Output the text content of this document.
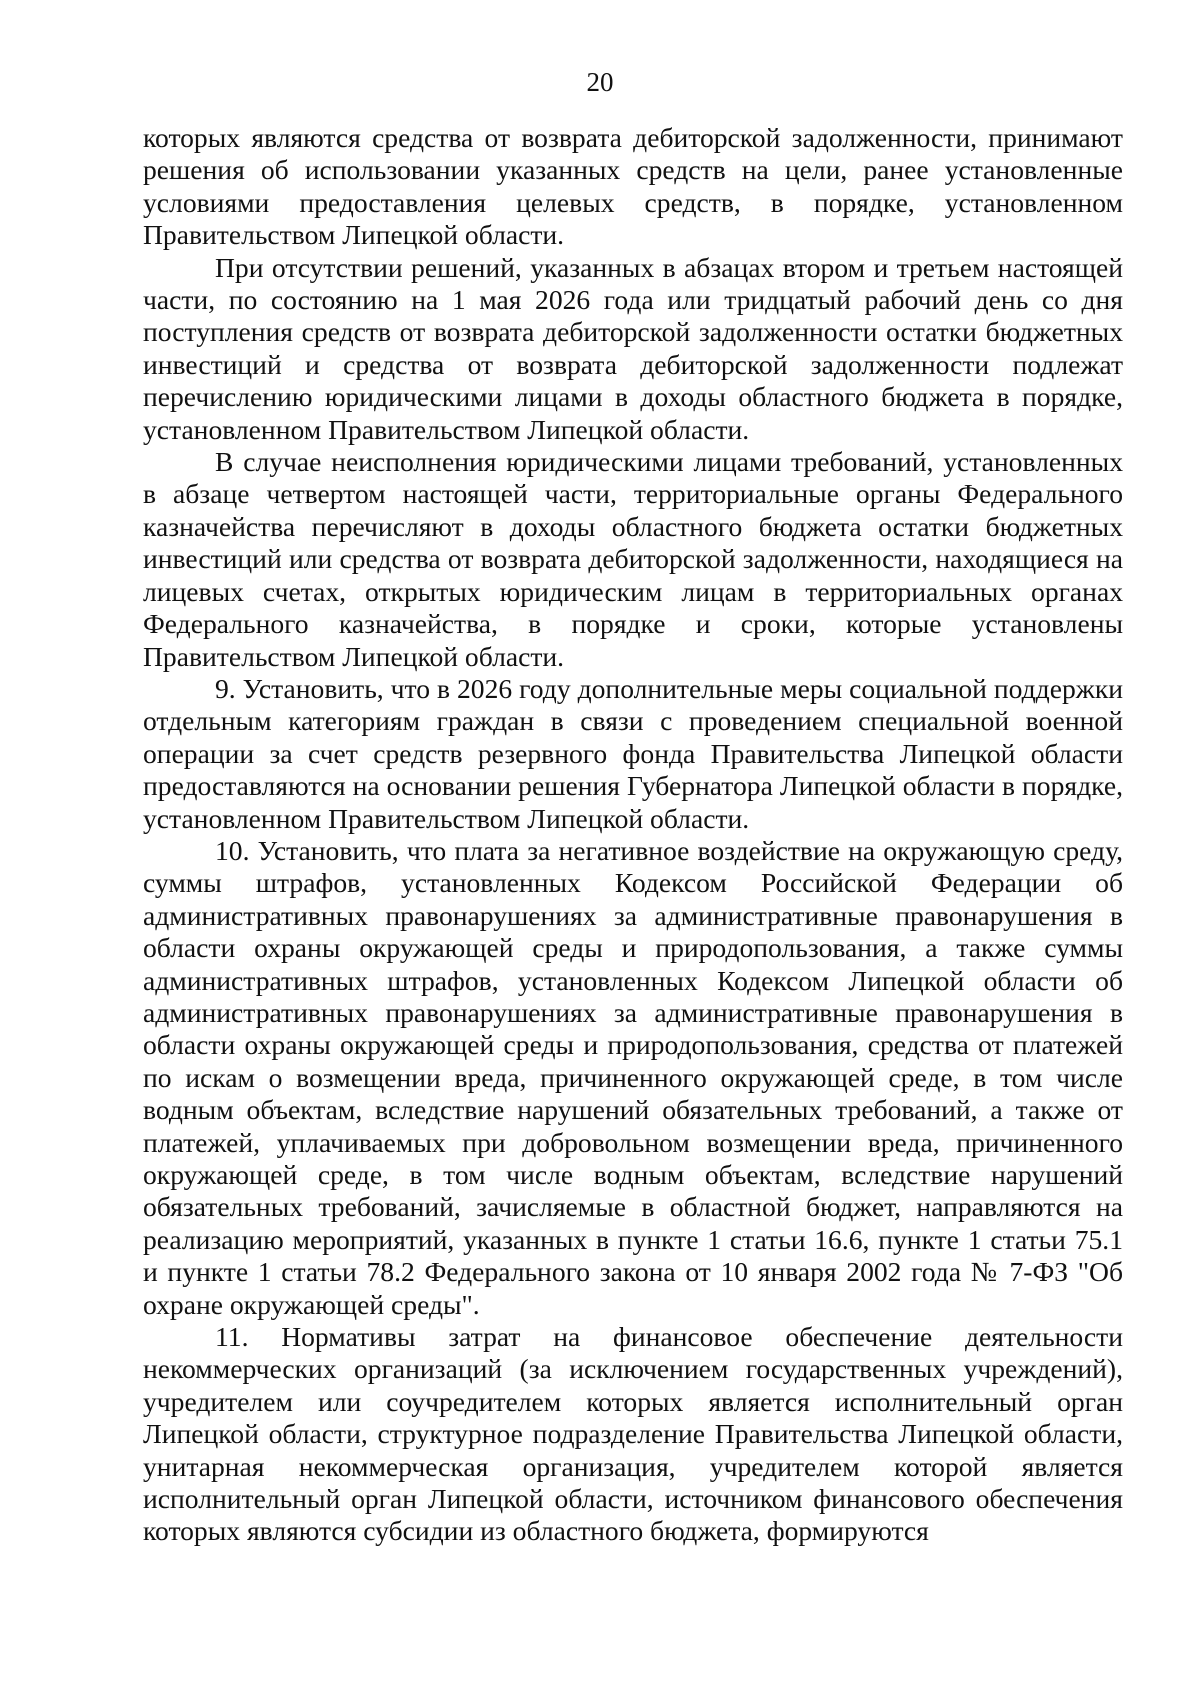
20

которых являются средства от возврата дебиторской задолженности, принимают решения об использовании указанных средств на цели, ранее установленные условиями предоставления целевых средств, в порядке, установленном Правительством Липецкой области.

При отсутствии решений, указанных в абзацах втором и третьем настоящей части, по состоянию на 1 мая 2026 года или тридцатый рабочий день со дня поступления средств от возврата дебиторской задолженности остатки бюджетных инвестиций и средства от возврата дебиторской задолженности подлежат перечислению юридическими лицами в доходы областного бюджета в порядке, установленном Правительством Липецкой области.

В случае неисполнения юридическими лицами требований, установленных в абзаце четвертом настоящей части, территориальные органы Федерального казначейства перечисляют в доходы областного бюджета остатки бюджетных инвестиций или средства от возврата дебиторской задолженности, находящиеся на лицевых счетах, открытых юридическим лицам в территориальных органах Федерального казначейства, в порядке и сроки, которые установлены Правительством Липецкой области.

9. Установить, что в 2026 году дополнительные меры социальной поддержки отдельным категориям граждан в связи с проведением специальной военной операции за счет средств резервного фонда Правительства Липецкой области предоставляются на основании решения Губернатора Липецкой области в порядке, установленном Правительством Липецкой области.

10. Установить, что плата за негативное воздействие на окружающую среду, суммы штрафов, установленных Кодексом Российской Федерации об административных правонарушениях за административные правонарушения в области охраны окружающей среды и природопользования, а также суммы административных штрафов, установленных Кодексом Липецкой области об административных правонарушениях за административные правонарушения в области охраны окружающей среды и природопользования, средства от платежей по искам о возмещении вреда, причиненного окружающей среде, в том числе водным объектам, вследствие нарушений обязательных требований, а также от платежей, уплачиваемых при добровольном возмещении вреда, причиненного окружающей среде, в том числе водным объектам, вследствие нарушений обязательных требований, зачисляемые в областной бюджет, направляются на реализацию мероприятий, указанных в пункте 1 статьи 16.6, пункте 1 статьи 75.1 и пункте 1 статьи 78.2 Федерального закона от 10 января 2002 года № 7-ФЗ "Об охране окружающей среды".

11. Нормативы затрат на финансовое обеспечение деятельности некоммерческих организаций (за исключением государственных учреждений), учредителем или соучредителем которых является исполнительный орган Липецкой области, структурное подразделение Правительства Липецкой области, унитарная некоммерческая организация, учредителем которой является исполнительный орган Липецкой области, источником финансового обеспечения которых являются субсидии из областного бюджета, формируются
